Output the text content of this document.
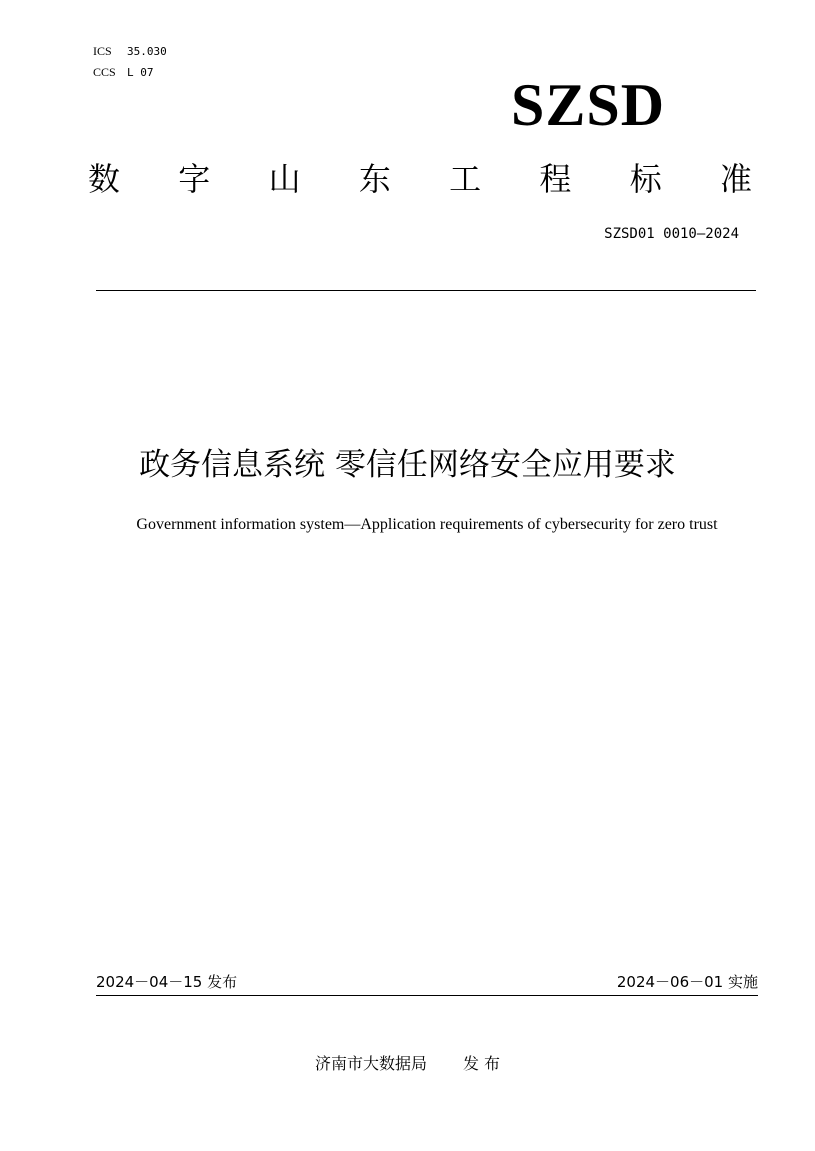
ICS	35.030
CCS	L 07	SZSD
数 字 山 东 工 程 标 准
SZSD01 0010—2024
政务信息系统 零信任网络安全应用要求
Government information system—Application requirements of cybersecurity for zero trust
2024－04－15 发布	2024－06－01 实施
济南市大数据局 发 布
